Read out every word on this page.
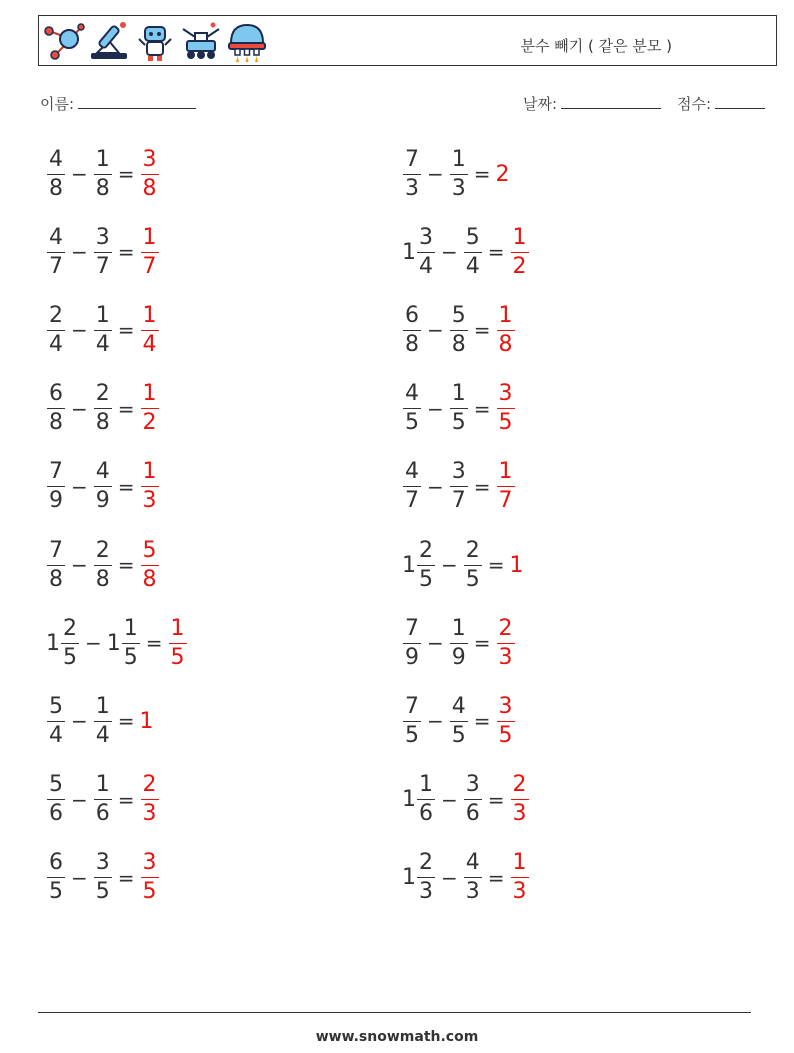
분수 빼기 ( 같은 분모 )
이름:	날짜:	점수:
$\frac{4}{8} - \frac{1}{8} = \frac{3}{8}$	$\frac{7}{3} - \frac{1}{3} = 2$
$\frac{4}{7} - \frac{3}{7} = \frac{1}{7}$	$1 \frac{3}{4} - \frac{5}{4} = \frac{1}{2}$
$\frac{2}{4} - \frac{1}{4} = \frac{1}{4}$	$\frac{6}{8} - \frac{5}{8} = \frac{1}{8}$
$\frac{6}{8} - \frac{2}{8} = \frac{1}{2}$	$\frac{4}{5} - \frac{1}{5} = \frac{3}{5}$
$\frac{7}{9} - \frac{4}{9} = \frac{1}{3}$	$\frac{4}{7} - \frac{3}{7} = \frac{1}{7}$
$\frac{7}{8} - \frac{2}{8} = \frac{5}{8}$	$1 \frac{2}{5} - \frac{2}{5} = 1$
$1 \frac{2}{5} - 1 \frac{1}{5} = \frac{1}{5}$	$\frac{7}{9} - \frac{1}{9} = \frac{2}{3}$
$\frac{5}{4} - \frac{1}{4} = 1$	$\frac{7}{5} - \frac{4}{5} = \frac{3}{5}$
$\frac{5}{6} - \frac{1}{6} = \frac{2}{3}$	$1 \frac{1}{6} - \frac{3}{6} = \frac{2}{3}$
$\frac{6}{5} - \frac{3}{5} = \frac{3}{5}$	$1 \frac{2}{3} - \frac{4}{3} = \frac{1}{3}$
www.snowmath.com
